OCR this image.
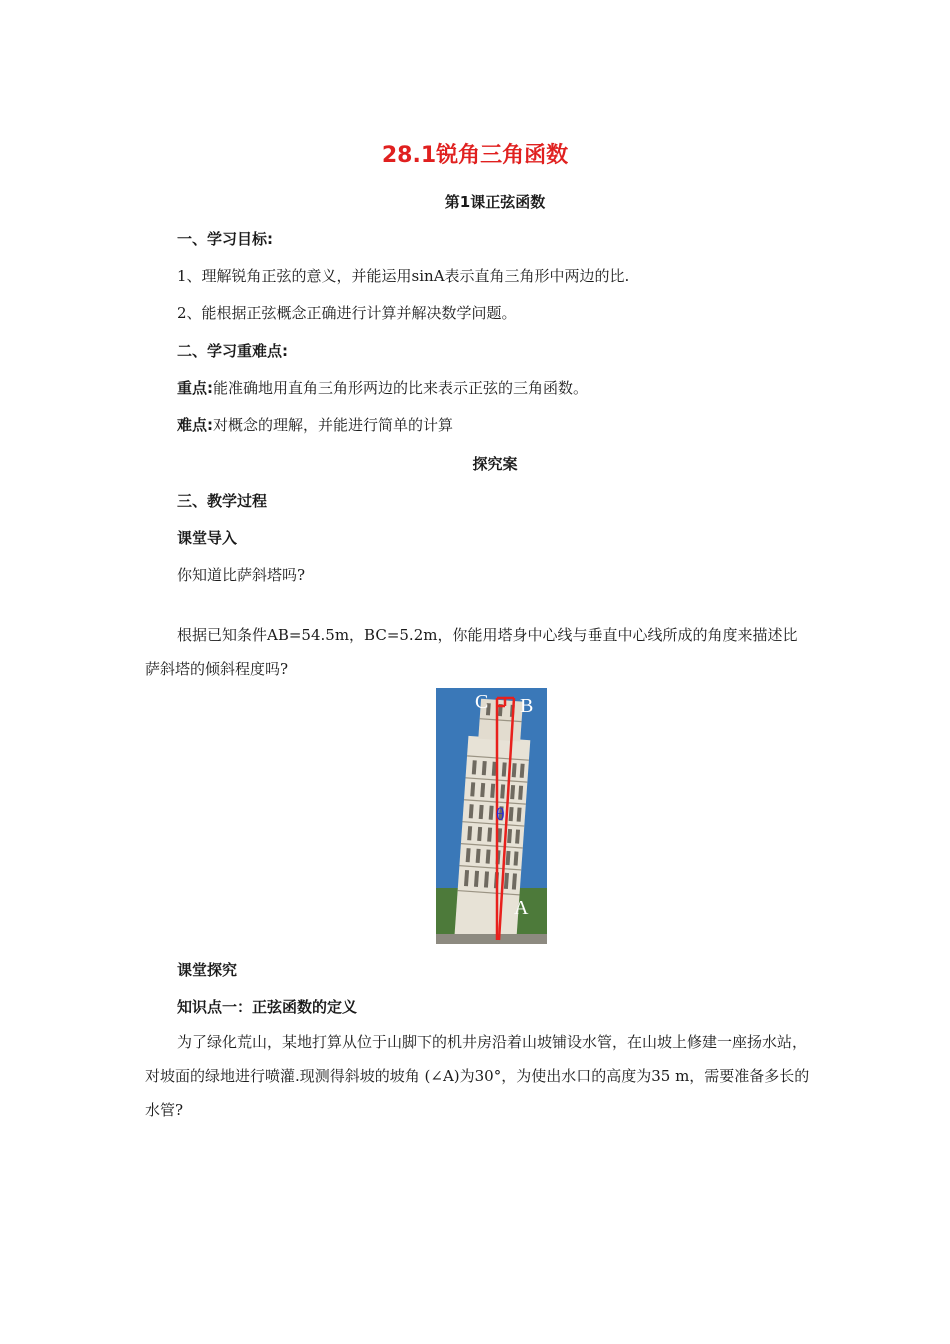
28.1锐角三角函数
第1课正弦函数
一、学习目标:
1、理解锐角正弦的意义，并能运用sinA表示直角三角形中两边的比.
2、能根据正弦概念正确进行计算并解决数学问题。
二、学习重难点:
重点:能准确地用直角三角形两边的比来表示正弦的三角函数。
难点:对概念的理解，并能进行简单的计算
探究案
三、教学过程
课堂导入
你知道比萨斜塔吗?
根据已知条件AB=54.5m，BC=5.2m，你能用塔身中心线与垂直中心线所成的角度来描述比萨斜塔的倾斜程度吗?
C B
A
θ
课堂探究
知识点一：正弦函数的定义
为了绿化荒山，某地打算从位于山脚下的机井房沿着山坡铺设水管，在山坡上修建一座扬水站，对坡面的绿地进行喷灌.现测得斜坡的坡角 (∠A)为30°，为使出水口的高度为35 m，需要准备多长的水管?
